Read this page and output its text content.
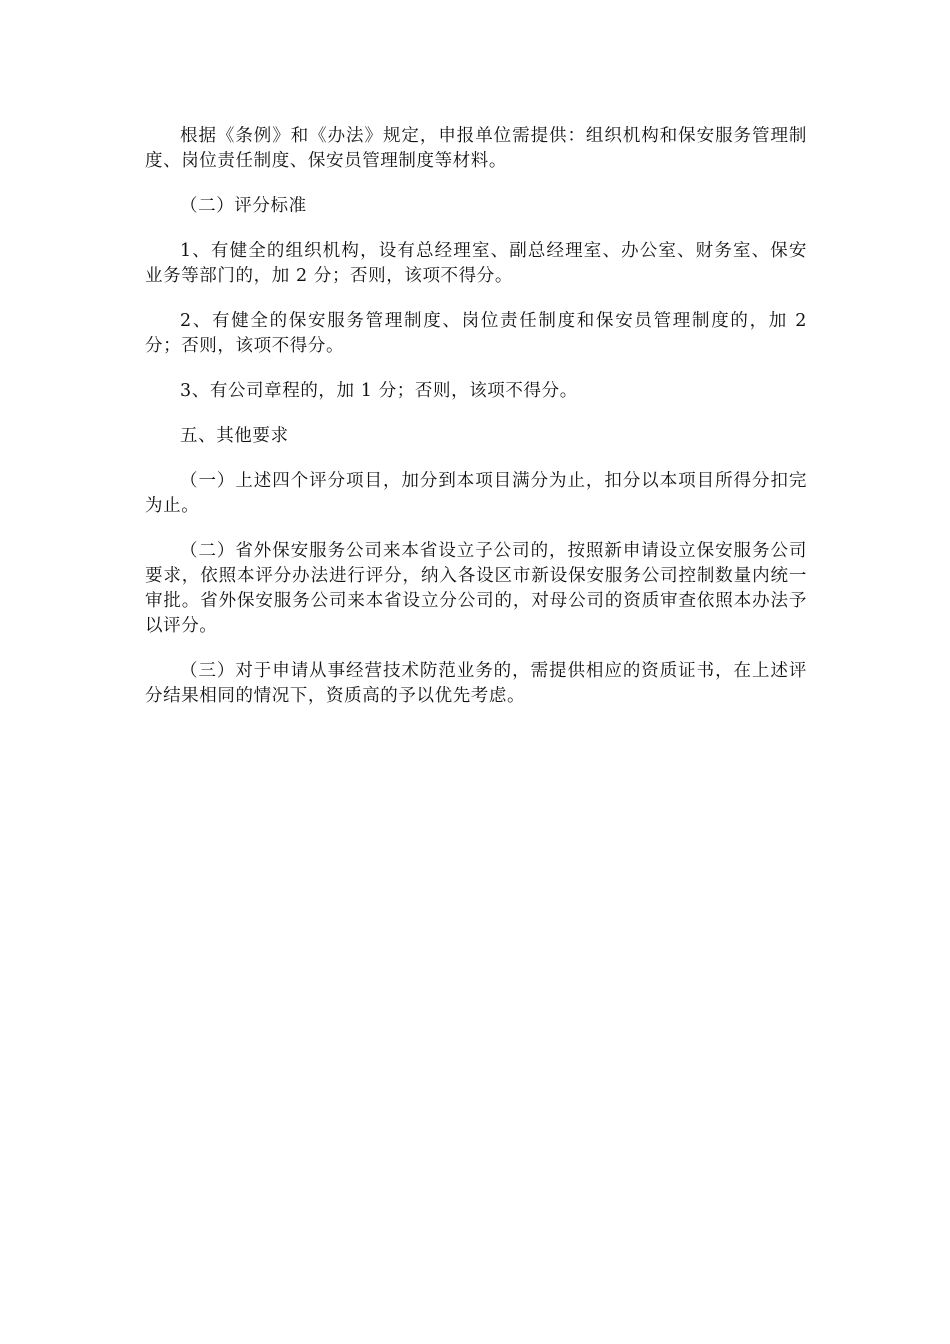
根据《条例》和《办法》规定，申报单位需提供：组织机构和保安服务管理制度、岗位责任制度、保安员管理制度等材料。

（二）评分标准

1、有健全的组织机构，设有总经理室、副总经理室、办公室、财务室、保安业务等部门的，加 2 分；否则，该项不得分。

2、有健全的保安服务管理制度、岗位责任制度和保安员管理制度的，加 2 分；否则，该项不得分。

3、有公司章程的，加 1 分；否则，该项不得分。

五、其他要求

（一）上述四个评分项目，加分到本项目满分为止，扣分以本项目所得分扣完为止。

（二）省外保安服务公司来本省设立子公司的，按照新申请设立保安服务公司要求，依照本评分办法进行评分，纳入各设区市新设保安服务公司控制数量内统一审批。省外保安服务公司来本省设立分公司的，对母公司的资质审查依照本办法予以评分。

（三）对于申请从事经营技术防范业务的，需提供相应的资质证书，在上述评分结果相同的情况下，资质高的予以优先考虑。
